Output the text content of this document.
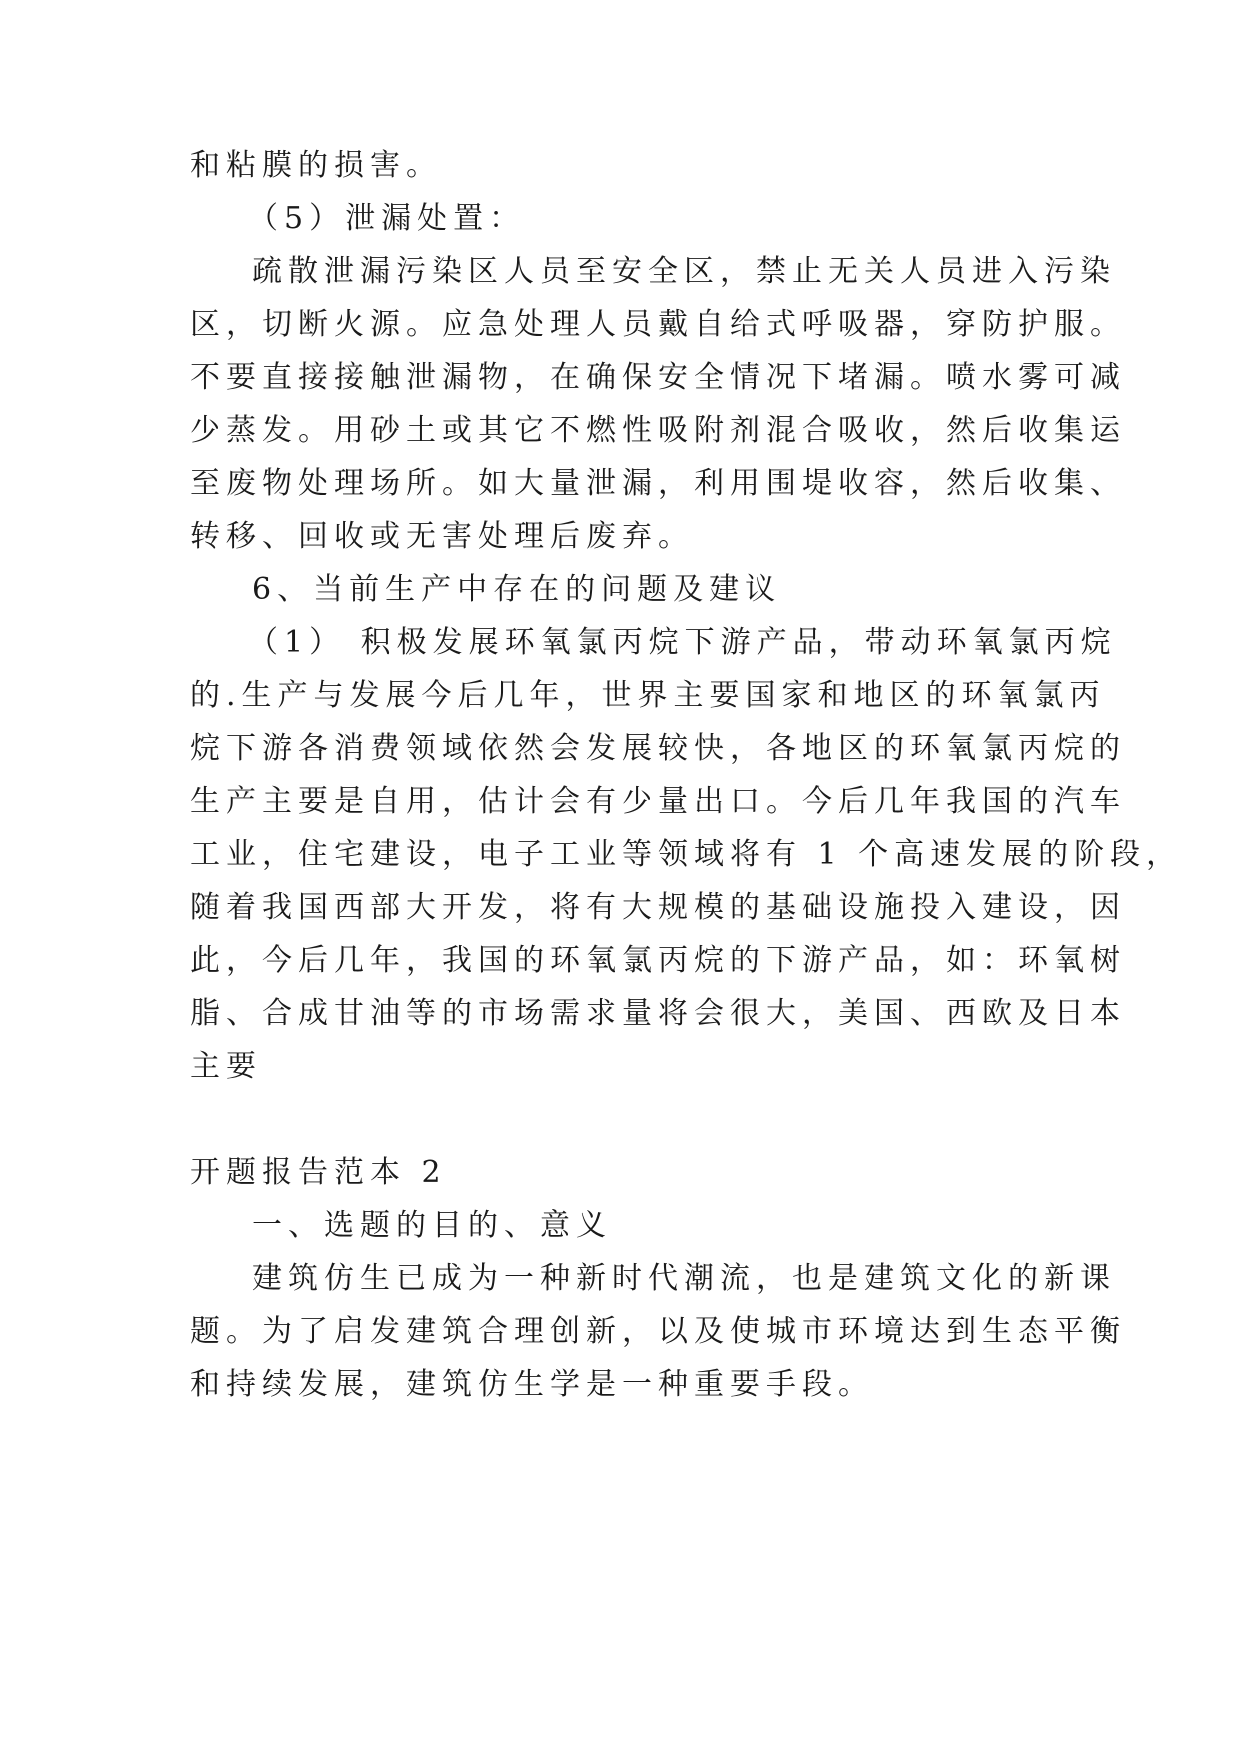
和粘膜的损害。
（5）泄漏处置：
疏散泄漏污染区人员至安全区，禁止无关人员进入污染
区，切断火源。应急处理人员戴自给式呼吸器，穿防护服。
不要直接接触泄漏物，在确保安全情况下堵漏。喷水雾可减
少蒸发。用砂土或其它不燃性吸附剂混合吸收，然后收集运
至废物处理场所。如大量泄漏，利用围堤收容，然后收集、
转移、回收或无害处理后废弃。
6、当前生产中存在的问题及建议
（1） 积极发展环氧氯丙烷下游产品，带动环氧氯丙烷
的.生产与发展今后几年，世界主要国家和地区的环氧氯丙
烷下游各消费领域依然会发展较快，各地区的环氧氯丙烷的
生产主要是自用，估计会有少量出口。今后几年我国的汽车
工业，住宅建设，电子工业等领域将有 1 个高速发展的阶段，
随着我国西部大开发，将有大规模的基础设施投入建设，因
此，今后几年，我国的环氧氯丙烷的下游产品，如：环氧树
脂、合成甘油等的市场需求量将会很大，美国、西欧及日本
主要
开题报告范本 2
一、选题的目的、意义
建筑仿生已成为一种新时代潮流，也是建筑文化的新课
题。为了启发建筑合理创新，以及使城市环境达到生态平衡
和持续发展，建筑仿生学是一种重要手段。
